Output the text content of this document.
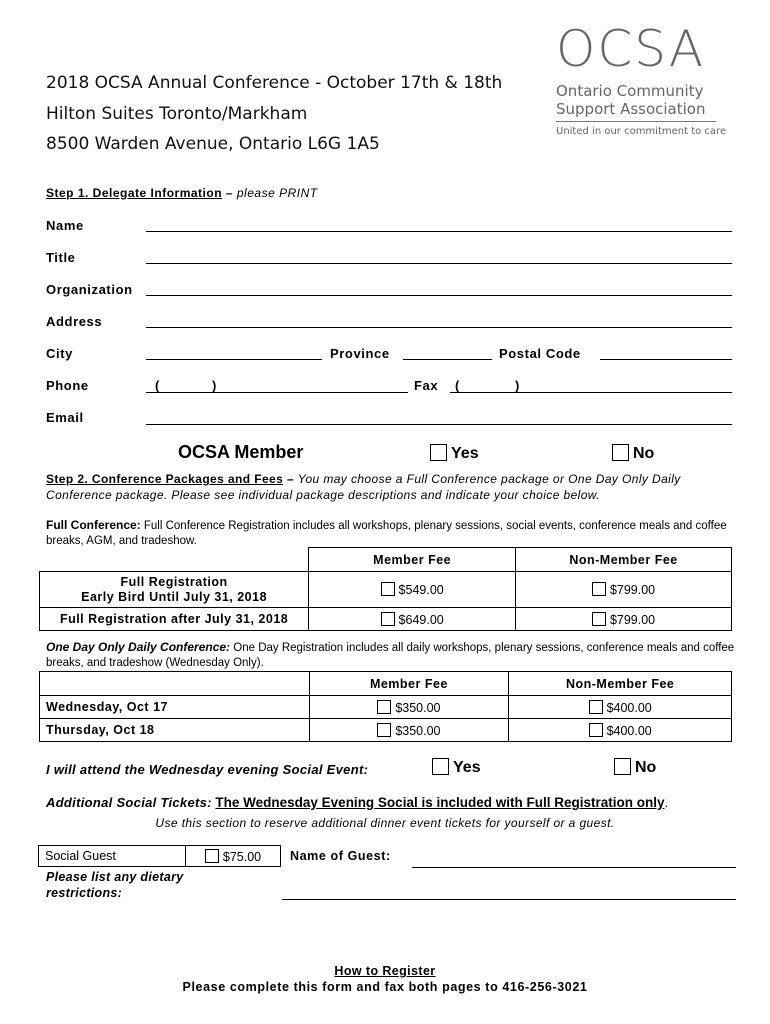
2018 OCSA Annual Conference - October 17th & 18th
Hilton Suites Toronto/Markham
8500 Warden Avenue, Ontario L6G 1A5
OCSA
Ontario Community
Support Association
United in our commitment to care
Step 1. Delegate Information – please PRINT
Name
Title
Organization
Address
City	Province	Postal Code
Phone	(	)	Fax (	)
Email
OCSA Member	Yes	No
Step 2. Conference Packages and Fees – You may choose a Full Conference package or One Day Only Daily Conference package. Please see individual package descriptions and indicate your choice below.
Full Conference: Full Conference Registration includes all workshops, plenary sessions, social events, conference meals and coffee breaks, AGM, and tradeshow.
	Member Fee	Non-Member Fee

Full Registration
Early Bird Until July 31, 2018	$549.00	$799.00
Full Registration after July 31, 2018	$649.00	$799.00
One Day Only Daily Conference: One Day Registration includes all daily workshops, plenary sessions, conference meals and coffee breaks, and tradeshow (Wednesday Only).
	Member Fee	Non-Member Fee
Wednesday, Oct 17	$350.00	$400.00
Thursday, Oct 18	$350.00	$400.00
I will attend the Wednesday evening Social Event:	Yes	No
Additional Social Tickets: The Wednesday Evening Social is included with Full Registration only.
Use this section to reserve additional dinner event tickets for yourself or a guest.
Social Guest	$75.00 Name of Guest:
Please list any dietary
restrictions:
How to Register
Please complete this form and fax both pages to 416-256-3021
